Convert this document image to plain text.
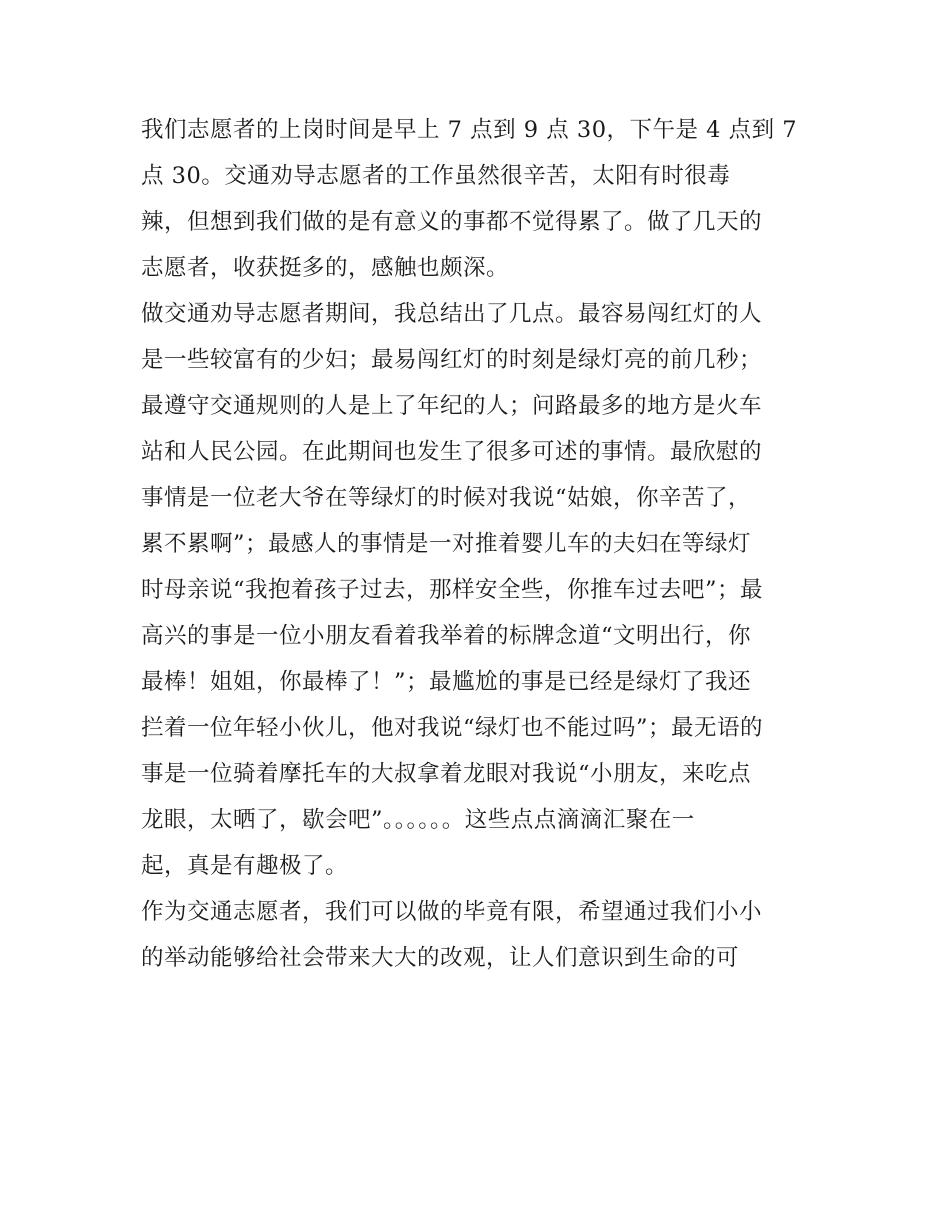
我们志愿者的上岗时间是早上 7 点到 9 点 30，下午是 4 点到 7
点 30。交通劝导志愿者的工作虽然很辛苦，太阳有时很毒
辣，但想到我们做的是有意义的事都不觉得累了。做了几天的
志愿者，收获挺多的，感触也颇深。
做交通劝导志愿者期间，我总结出了几点。最容易闯红灯的人
是一些较富有的少妇；最易闯红灯的时刻是绿灯亮的前几秒；
最遵守交通规则的人是上了年纪的人；问路最多的地方是火车
站和人民公园。在此期间也发生了很多可述的事情。最欣慰的
事情是一位老大爷在等绿灯的时候对我说“姑娘，你辛苦了，
累不累啊”；最感人的事情是一对推着婴儿车的夫妇在等绿灯
时母亲说“我抱着孩子过去，那样安全些，你推车过去吧”；最
高兴的事是一位小朋友看着我举着的标牌念道“文明出行，你
最棒！姐姐，你最棒了！”；最尴尬的事是已经是绿灯了我还
拦着一位年轻小伙儿，他对我说“绿灯也不能过吗”；最无语的
事是一位骑着摩托车的大叔拿着龙眼对我说“小朋友，来吃点
龙眼，太晒了，歇会吧”。。。。。。这些点点滴滴汇聚在一
起，真是有趣极了。
作为交通志愿者，我们可以做的毕竟有限，希望通过我们小小
的举动能够给社会带来大大的改观，让人们意识到生命的可
